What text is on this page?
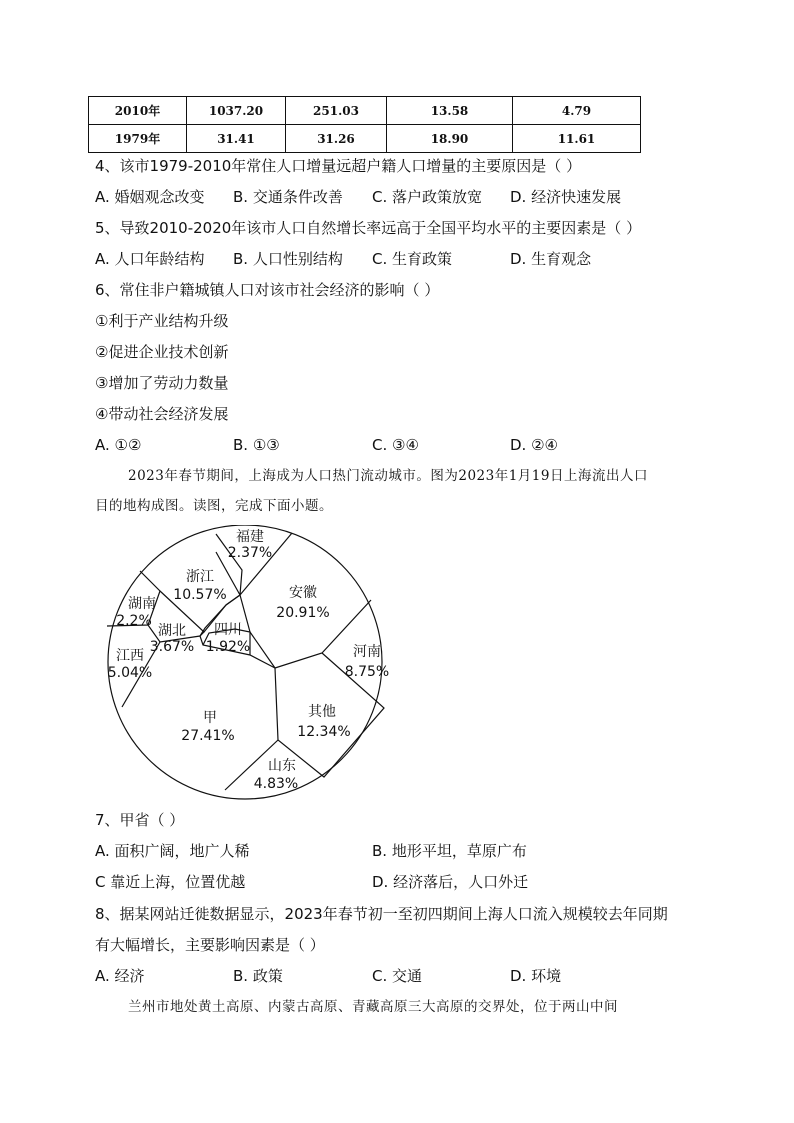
2010年	1037.20	251.03	13.58	4.79
1979年	31.41	31.26	18.90	11.61
4、该市1979-2010年常住人口增量远超户籍人口增量的主要原因是（ ）
A. 婚姻观念改变 B. 交通条件改善 C. 落户政策放宽 D. 经济快速发展
5、导致2010-2020年该市人口自然增长率远高于全国平均水平的主要因素是（ ）
A. 人口年龄结构 B. 人口性别结构 C. 生育政策	D. 生育观念
6、常住非户籍城镇人口对该市社会经济的影响（ ）
①利于产业结构升级
②促进企业技术创新
③增加了劳动力数量
④带动社会经济发展
A. ①②	B. ①③	C. ③④	D. ②④
2023年春节期间，上海成为人口热门流动城市。图为2023年1月19日上海流出人口
目的地构成图。读图，完成下面小题。
福建
2.37%
浙江
10.57%	安徽
20.91%
湖南
2.2%
湖北
3.67%
四川
1.92%
江西
5.04%
河南
8.75%
甲
27.41%
其他
12.34%
山东
4.83%
7、甲省（ ）
A. 面积广阔，地广人稀	B. 地形平坦，草原广布
C 靠近上海，位置优越	D. 经济落后，人口外迁
8、据某网站迁徙数据显示，2023年春节初一至初四期间上海人口流入规模较去年同期
有大幅增长，主要影响因素是（ ）
A. 经济	B. 政策	C. 交通	D. 环境
兰州市地处黄土高原、内蒙古高原、青藏高原三大高原的交界处，位于两山中间
